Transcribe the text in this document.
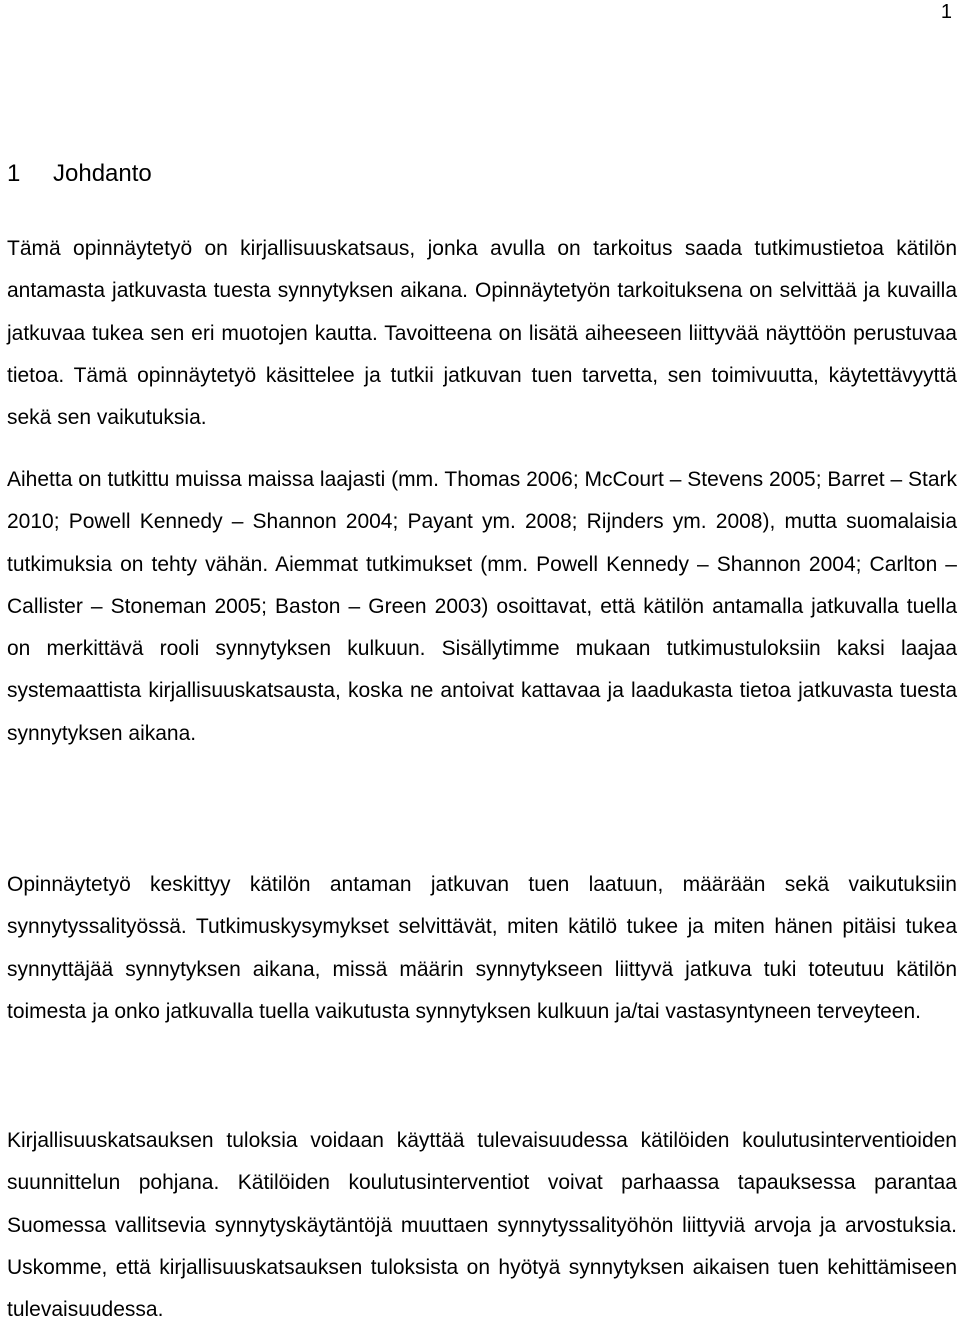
1
1 Johdanto

Tämä opinnäytetyö on kirjallisuuskatsaus, jonka avulla on tarkoitus saada tutkimustietoa kätilön antamasta jatkuvasta tuesta synnytyksen aikana. Opinnäytetyön tarkoituksena on selvittää ja kuvailla jatkuvaa tukea sen eri muotojen kautta. Tavoitteena on lisätä aiheeseen liittyvää näyttöön perustuvaa tietoa. Tämä opinnäytetyö käsittelee ja tutkii jatkuvan tuen tarvetta, sen toimivuutta, käytettävyyttä sekä sen vaikutuksia.

Aihetta on tutkittu muissa maissa laajasti (mm. Thomas 2006; McCourt – Stevens 2005; Barret – Stark 2010; Powell Kennedy – Shannon 2004; Payant ym. 2008; Rijnders ym. 2008), mutta suomalaisia tutkimuksia on tehty vähän. Aiemmat tutkimukset (mm. Powell Kennedy – Shannon 2004; Carlton – Callister – Stoneman 2005; Baston – Green 2003) osoittavat, että kätilön antamalla jatkuvalla tuella on merkittävä rooli synnytyksen kulkuun. Sisällytimme mukaan tutkimustuloksiin kaksi laajaa systemaattista kirjallisuuskatsausta, koska ne antoivat kattavaa ja laadukasta tietoa jatkuvasta tuesta synnytyksen aikana.

Opinnäytetyö keskittyy kätilön antaman jatkuvan tuen laatuun, määrään sekä vaikutuksiin synnytyssalityössä. Tutkimuskysymykset selvittävät, miten kätilö tukee ja miten hänen pitäisi tukea synnyttäjää synnytyksen aikana, missä määrin synnytykseen liittyvä jatkuva tuki toteutuu kätilön toimesta ja onko jatkuvalla tuella vaikutusta synnytyksen kulkuun ja/tai vastasyntyneen terveyteen.

Kirjallisuuskatsauksen tuloksia voidaan käyttää tulevaisuudessa kätilöiden koulutusinterventioiden suunnittelun pohjana. Kätilöiden koulutusinterventiot voivat parhaassa tapauksessa parantaa Suomessa vallitsevia synnytyskäytäntöjä muuttaen synnytyssalityöhön liittyviä arvoja ja arvostuksia. Uskomme, että kirjallisuuskatsauksen tuloksista on hyötyä synnytyksen aikaisen tuen kehittämiseen tulevaisuudessa.
